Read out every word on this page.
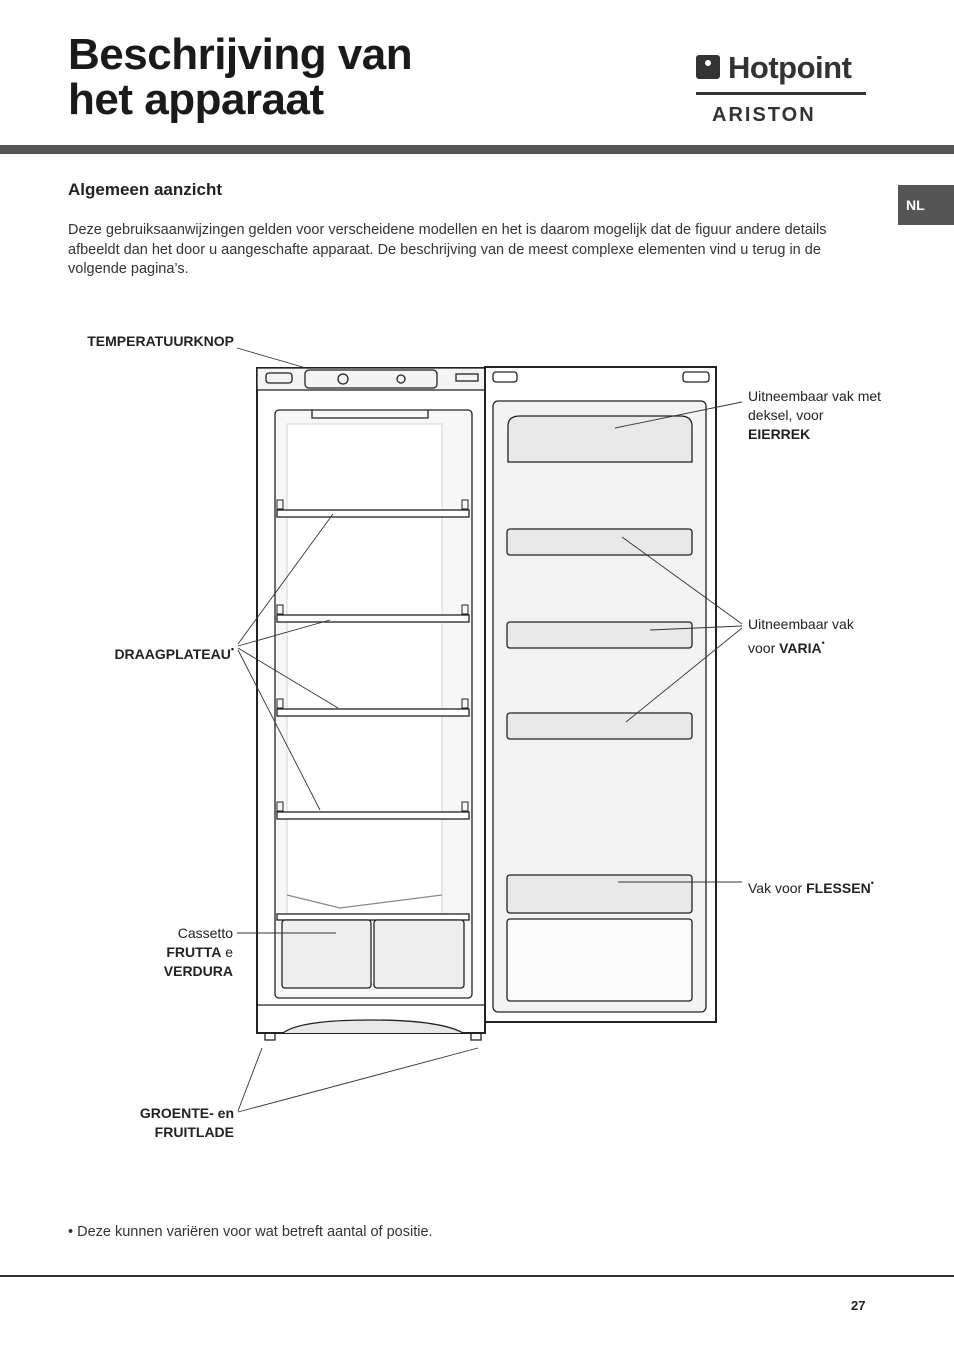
Beschrijving van
het apparaat
Hotpoint
ARISTON
NL
Algemeen aanzicht

Deze gebruiksaanwijzingen gelden voor verscheidene modellen en het is daarom mogelijk dat de figuur andere details afbeeldt dan het door u aangeschafte apparaat. De beschrijving van de meest complexe elementen vind u terug in de volgende pagina’s.

TEMPERATUURKNOP
DRAAGPLATEAU•
Cassetto
FRUTTA e
VERDURA
GROENTE- en
FRUITLADE
Uitneembaar vak met
deksel, voor
EIERREK
Uitneembaar vak
voor VARIA•
Vak voor FLESSEN•

• Deze kunnen variëren voor wat betreft aantal of positie.

27
